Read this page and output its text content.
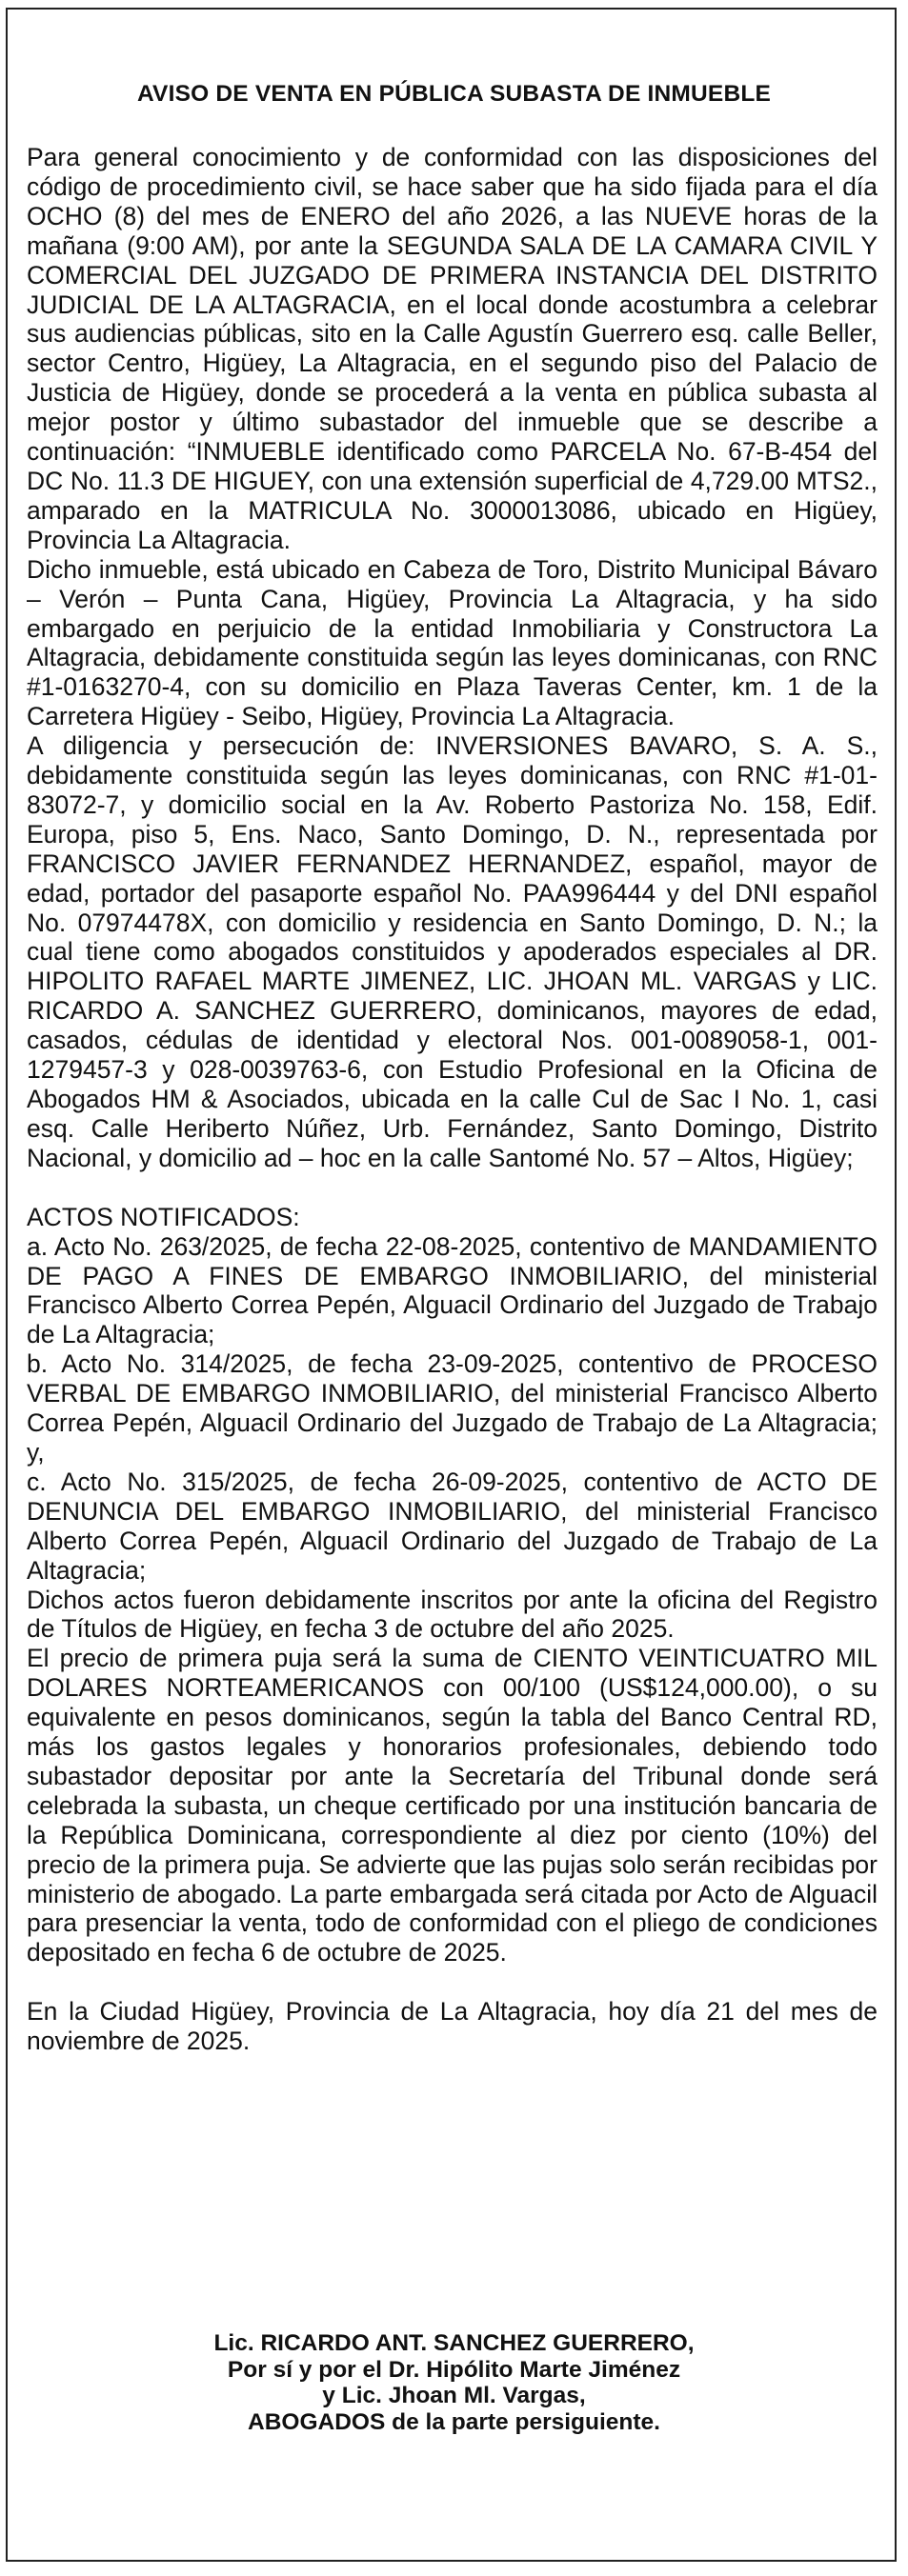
AVISO DE VENTA EN PÚBLICA SUBASTA DE INMUEBLE

Para general conocimiento y de conformidad con las disposiciones del código de procedimiento civil, se hace saber que ha sido fijada para el día OCHO (8) del mes de ENERO del año 2026, a las NUEVE horas de la mañana (9:00 AM), por ante la SEGUNDA SALA DE LA CAMARA CIVIL Y COMERCIAL DEL JUZGADO DE PRIMERA INSTANCIA DEL DISTRITO JUDICIAL DE LA ALTAGRACIA, en el local donde acostumbra a celebrar sus audiencias públicas, sito en la Calle Agustín Guerrero esq. calle Beller, sector Centro, Higüey, La Altagracia, en el segundo piso del Palacio de Justicia de Higüey, donde se procederá a la venta en pública subasta al mejor postor y último subastador del inmueble que se describe a continuación: “INMUEBLE identificado como PARCELA No. 67-B-454 del DC No. 11.3 DE HIGUEY, con una extensión superficial de 4,729.00 MTS2., amparado en la MATRICULA No. 3000013086, ubicado en Higüey, Provincia La Altagracia.

Dicho inmueble, está ubicado en Cabeza de Toro, Distrito Municipal Bávaro – Verón – Punta Cana, Higüey, Provincia La Altagracia, y ha sido embargado en perjuicio de la entidad Inmobiliaria y Constructora La Altagracia, debidamente constituida según las leyes dominicanas, con RNC #1-0163270-4, con su domicilio en Plaza Taveras Center, km. 1 de la Carretera Higüey - Seibo, Higüey, Provincia La Altagracia.

A diligencia y persecución de: INVERSIONES BAVARO, S. A. S., debidamente constituida según las leyes dominicanas, con RNC #1-01-83072-7, y domicilio social en la Av. Roberto Pastoriza No. 158, Edif. Europa, piso 5, Ens. Naco, Santo Domingo, D. N., representada por FRANCISCO JAVIER FERNANDEZ HERNANDEZ, español, mayor de edad, portador del pasaporte español No. PAA996444 y del DNI español No. 07974478X, con domicilio y residencia en Santo Domingo, D. N.; la cual tiene como abogados constituidos y apoderados especiales al DR. HIPOLITO RAFAEL MARTE JIMENEZ, LIC. JHOAN ML. VARGAS y LIC. RICARDO A. SANCHEZ GUERRERO, dominicanos, mayores de edad, casados, cédulas de identidad y electoral Nos. 001-0089058-1, 001-1279457-3 y 028-0039763-6, con Estudio Profesional en la Oficina de Abogados HM & Asociados, ubicada en la calle Cul de Sac I No. 1, casi esq. Calle Heriberto Núñez, Urb. Fernández, Santo Domingo, Distrito Nacional, y domicilio ad – hoc en la calle Santomé No. 57 – Altos, Higüey;

ACTOS NOTIFICADOS:

a. Acto No. 263/2025, de fecha 22-08-2025, contentivo de MANDAMIENTO DE PAGO A FINES DE EMBARGO INMOBILIARIO, del ministerial Francisco Alberto Correa Pepén, Alguacil Ordinario del Juzgado de Trabajo de La Altagracia;

b. Acto No. 314/2025, de fecha 23-09-2025, contentivo de PROCESO VERBAL DE EMBARGO INMOBILIARIO, del ministerial Francisco Alberto Correa Pepén, Alguacil Ordinario del Juzgado de Trabajo de La Altagracia; y,

c. Acto No. 315/2025, de fecha 26-09-2025, contentivo de ACTO DE DENUNCIA DEL EMBARGO INMOBILIARIO, del ministerial Francisco Alberto Correa Pepén, Alguacil Ordinario del Juzgado de Trabajo de La Altagracia;

Dichos actos fueron debidamente inscritos por ante la oficina del Registro de Títulos de Higüey, en fecha 3 de octubre del año 2025.

El precio de primera puja será la suma de CIENTO VEINTICUATRO MIL DOLARES NORTEAMERICANOS con 00/100 (US$124,000.00), o su equivalente en pesos dominicanos, según la tabla del Banco Central RD, más los gastos legales y honorarios profesionales, debiendo todo subastador depositar por ante la Secretaría del Tribunal donde será celebrada la subasta, un cheque certificado por una institución bancaria de la República Dominicana, correspondiente al diez por ciento (10%) del precio de la primera puja. Se advierte que las pujas solo serán recibidas por ministerio de abogado. La parte embargada será citada por Acto de Alguacil para presenciar la venta, todo de conformidad con el pliego de condiciones depositado en fecha 6 de octubre de 2025.

En la Ciudad Higüey, Provincia de La Altagracia, hoy día 21 del mes de noviembre de 2025.

Lic. RICARDO ANT. SANCHEZ GUERRERO,
Por sí y por el Dr. Hipólito Marte Jiménez
y Lic. Jhoan Ml. Vargas,
ABOGADOS de la parte persiguiente.
